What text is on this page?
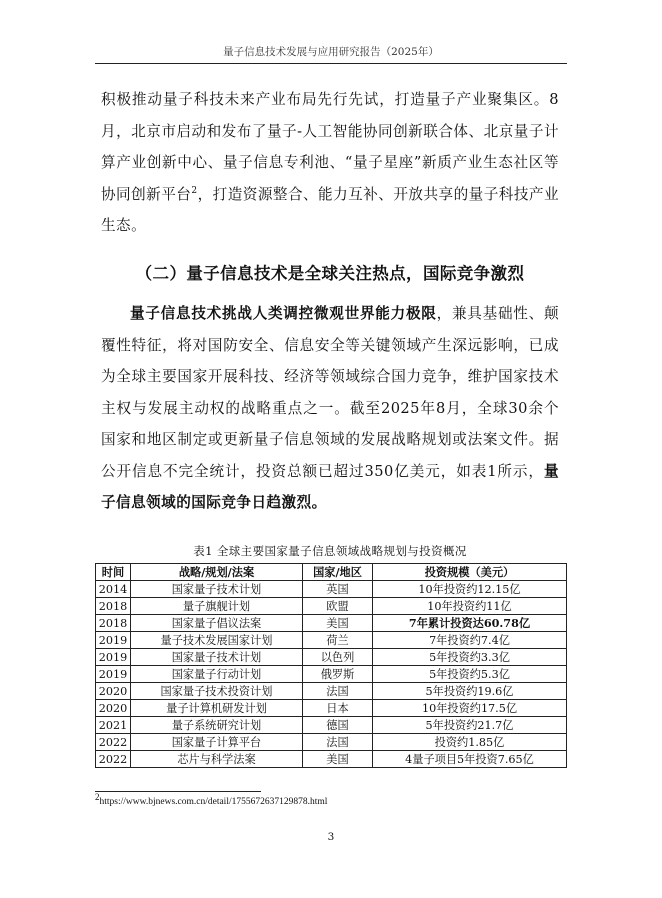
量子信息技术发展与应用研究报告（2025年）
积极推动量子科技未来产业布局先行先试，打造量子产业聚集区。8月，北京市启动和发布了量子-人工智能协同创新联合体、北京量子计算产业创新中心、量子信息专利池、“量子星座”新质产业生态社区等协同创新平台$^2$，打造资源整合、能力互补、开放共享的量子科技产业生态。
（二）量子信息技术是全球关注热点，国际竞争激烈
量子信息技术挑战人类调控微观世界能力极限，兼具基础性、颠覆性特征，将对国防安全、信息安全等关键领域产生深远影响，已成为全球主要国家开展科技、经济等领域综合国力竞争，维护国家技术主权与发展主动权的战略重点之一。截至2025年8月，全球30余个国家和地区制定或更新量子信息领域的发展战略规划或法案文件。据公开信息不完全统计，投资总额已超过350亿美元，如表1所示，量子信息领域的国际竞争日趋激烈。
表1 全球主要国家量子信息领域战略规划与投资概况
时间	战略/规划/法案	国家/地区	投资规模（美元）
2014	国家量子技术计划	英国	10年投资约12.15亿
2018	量子旗舰计划	欧盟	10年投资约11亿
2018	国家量子倡议法案	美国	7年累计投资达60.78亿
2019	量子技术发展国家计划	荷兰	7年投资约7.4亿
2019	国家量子技术计划	以色列	5年投资约3.3亿
2019	国家量子行动计划	俄罗斯	5年投资约5.3亿
2020	国家量子技术投资计划	法国	5年投资约19.6亿
2020	量子计算机研发计划	日本	10年投资约17.5亿
2021	量子系统研究计划	德国	5年投资约21.7亿
2022	国家量子计算平台	法国	投资约1.85亿
2022	芯片与科学法案	美国	4量子项目5年投资7.65亿
$^2$https://www.bjnews.com.cn/detail/1755672637129878.html
3
